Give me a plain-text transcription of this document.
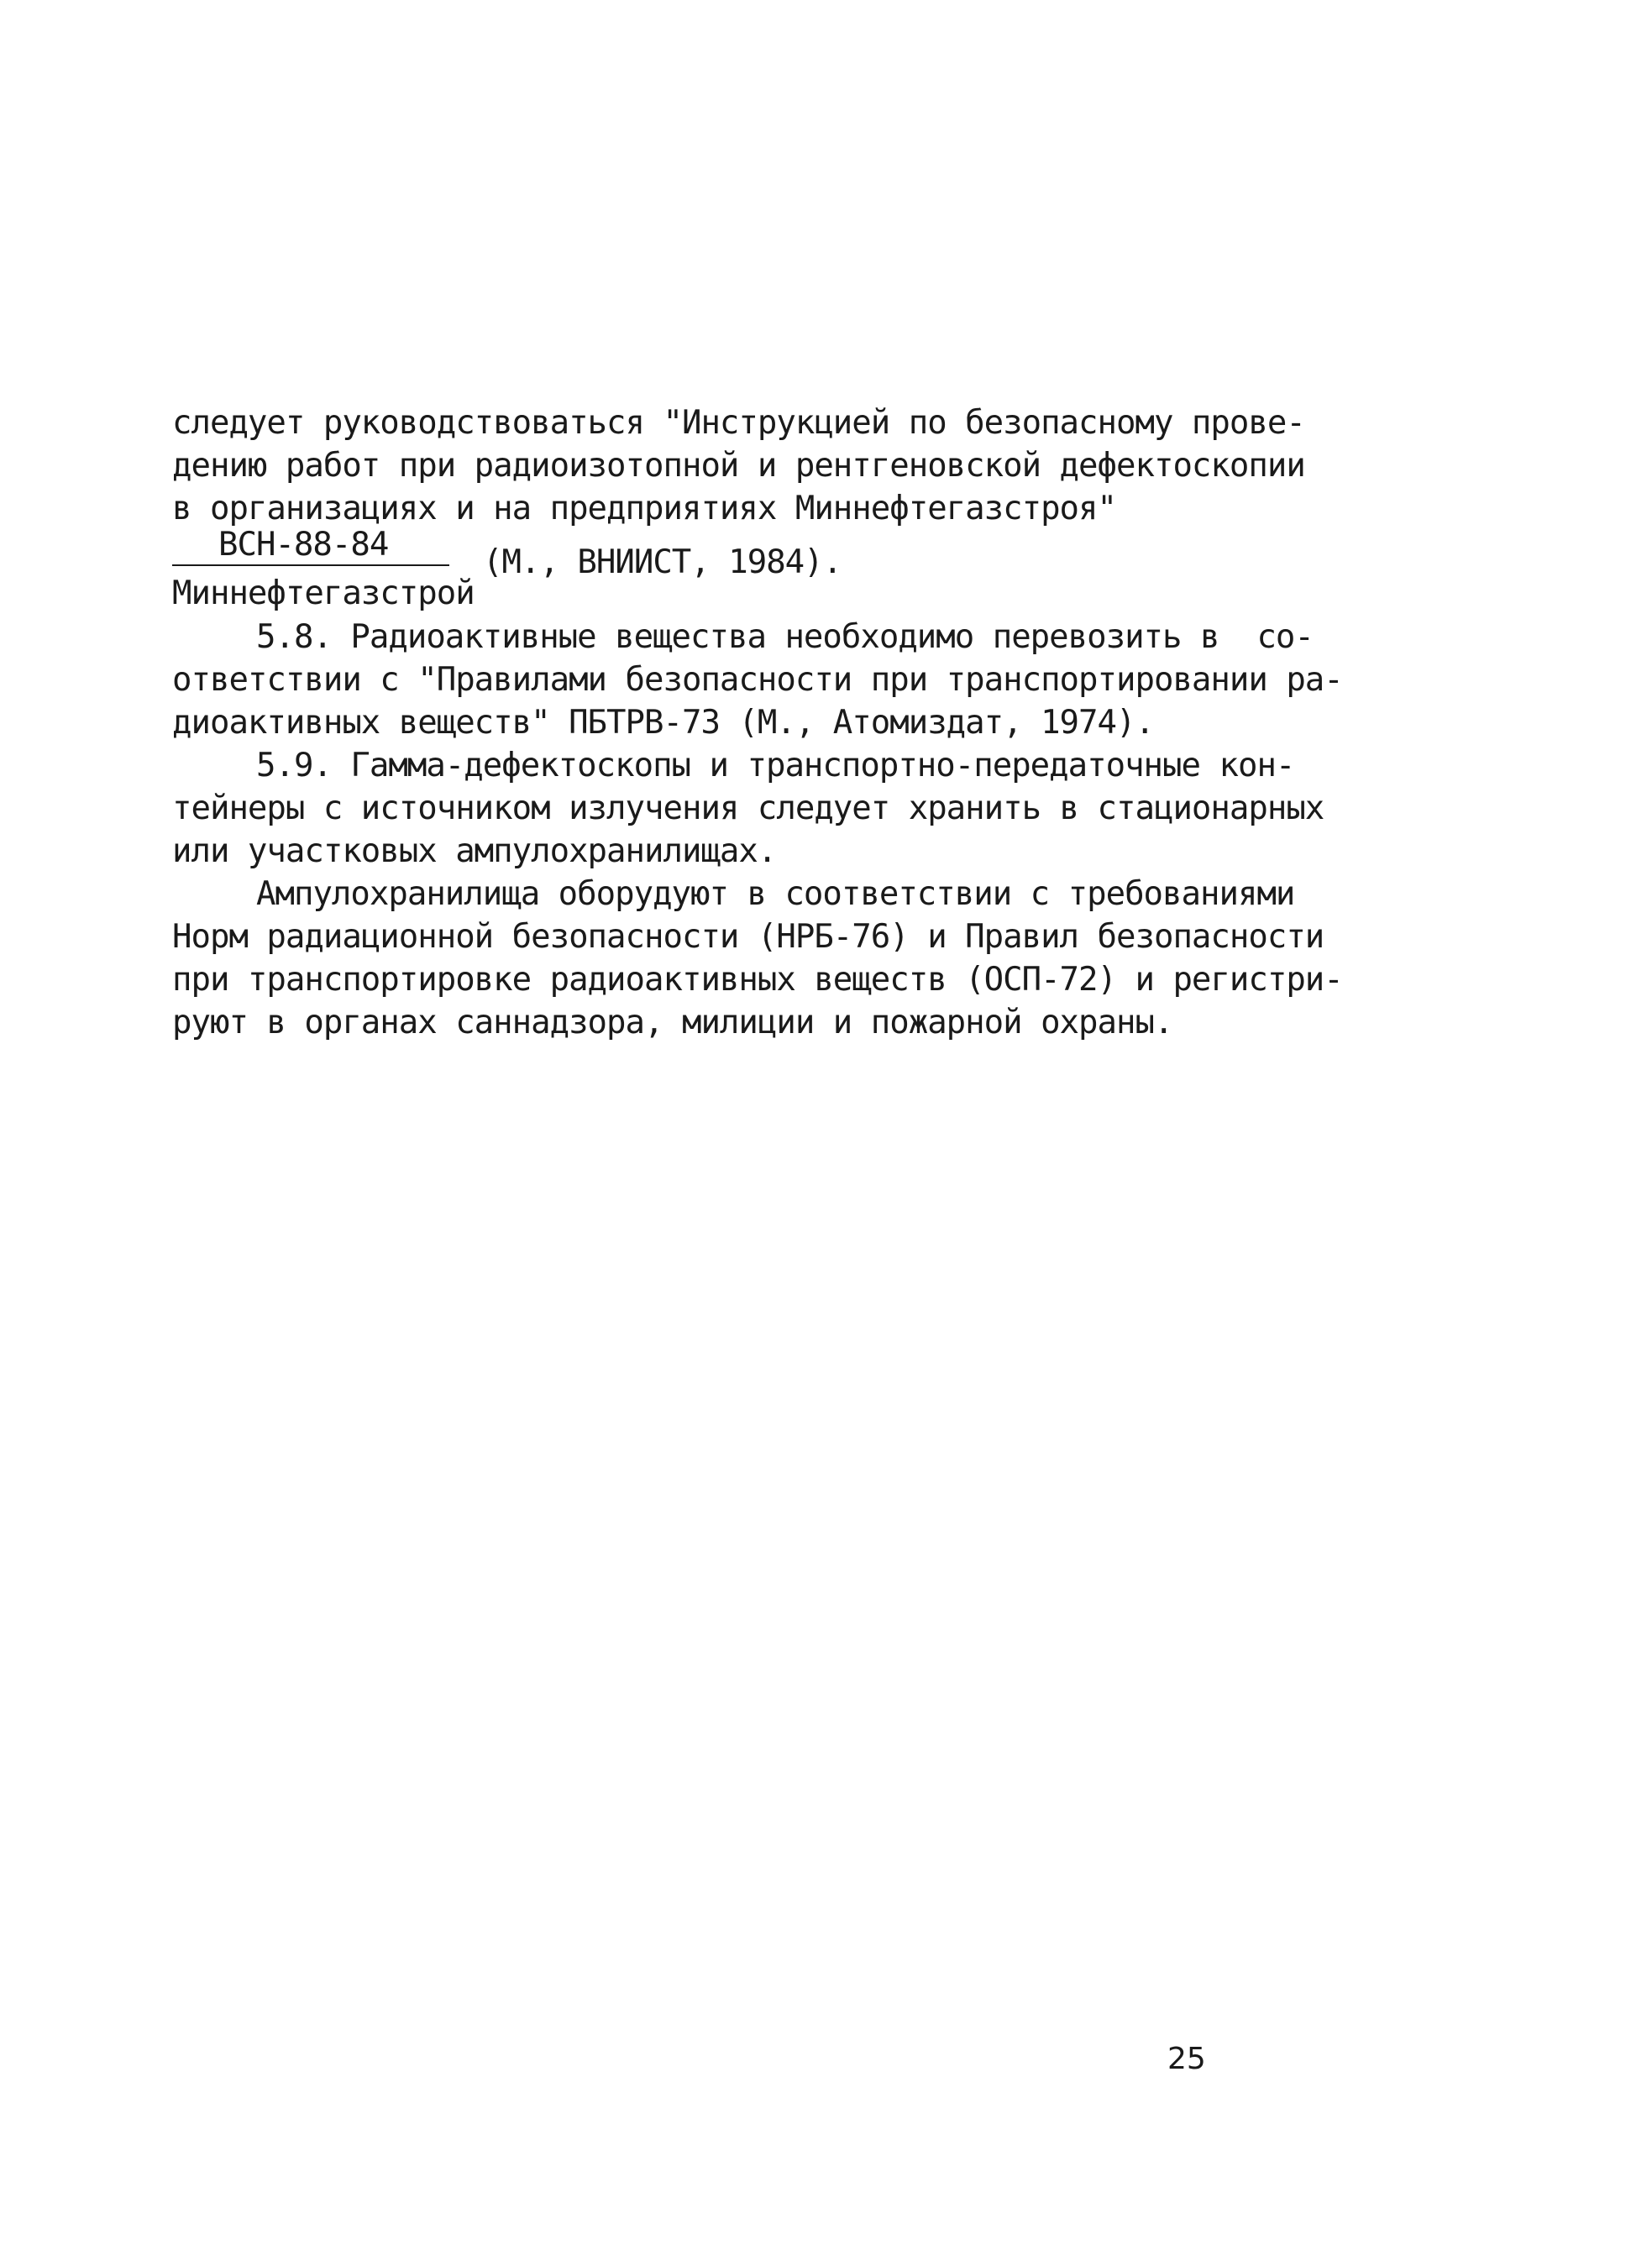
следует руководствоваться "Инструкцией по безопасному прове-
дению работ при радиоизотопной и рентгеновской дефектоскопии
в организациях и на предприятиях Миннефтегазстроя"
ВСН-88-84
Миннефтегазстрой
(М., ВНИИСТ, 1984).
5.8. Радиоактивные вещества необходимо перевозить в  со-
ответствии с "Правилами безопасности при транспортировании ра-
диоактивных веществ" ПБТРВ-73 (М., Атомиздат, 1974).
5.9. Гамма-дефектоскопы и транспортно-передаточные кон-
тейнеры с источником излучения следует хранить в стационарных
или участковых ампулохранилищах.
Ампулохранилища оборудуют в соответствии с требованиями
Норм радиационной безопасности (НРБ-76) и Правил безопасности
при транспортировке радиоактивных веществ (ОСП-72) и регистри-
руют в органах саннадзора, милиции и пожарной охраны.
25
